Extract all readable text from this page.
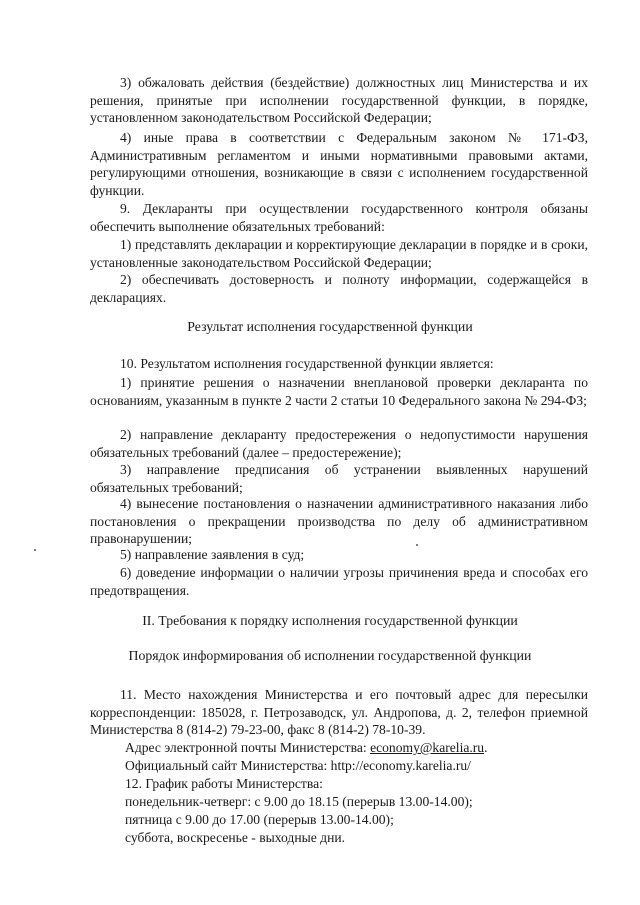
3) обжаловать действия (бездействие) должностных лиц Министерства и их решения, принятые при исполнении государственной функции, в порядке, установленном законодательством Российской Федерации;

4) иные права в соответствии с Федеральным законом № 171-ФЗ, Административным регламентом и иными нормативными правовыми актами, регулирующими отношения, возникающие в связи с исполнением государственной функции.

9. Декларанты при осуществлении государственного контроля обязаны обеспечить выполнение обязательных требований:

1) представлять декларации и корректирующие декларации в порядке и в сроки, установленные законодательством Российской Федерации;

2) обеспечивать достоверность и полноту информации, содержащейся в декларациях.

Результат исполнения государственной функции

10. Результатом исполнения государственной функции является:

1) принятие решения о назначении внеплановой проверки декларанта по основаниям, указанным в пункте 2 части 2 статьи 10 Федерального закона № 294-ФЗ;

2) направление декларанту предостережения о недопустимости нарушения обязательных требований (далее – предостережение);

3) направление предписания об устранении выявленных нарушений обязательных требований;

4) вынесение постановления о назначении административного наказания либо постановления о прекращении производства по делу об административном правонарушении;

5) направление заявления в суд;

6) доведение информации о наличии угрозы причинения вреда и способах его предотвращения.

II. Требования к порядку исполнения государственной функции

Порядок информирования об исполнении государственной функции

11. Место нахождения Министерства и его почтовый адрес для пересылки корреспонденции: 185028, г. Петрозаводск, ул. Андропова, д. 2, телефон приемной Министерства 8 (814-2) 79-23-00, факс 8 (814-2) 78-10-39.

Адрес электронной почты Министерства: economy@karelia.ru.

Официальный сайт Министерства: http://economy.karelia.ru/

12. График работы Министерства:

понедельник-четверг: с 9.00 до 18.15 (перерыв 13.00-14.00);

пятница с 9.00 до 17.00 (перерыв 13.00-14.00);

суббота, воскресенье - выходные дни.
